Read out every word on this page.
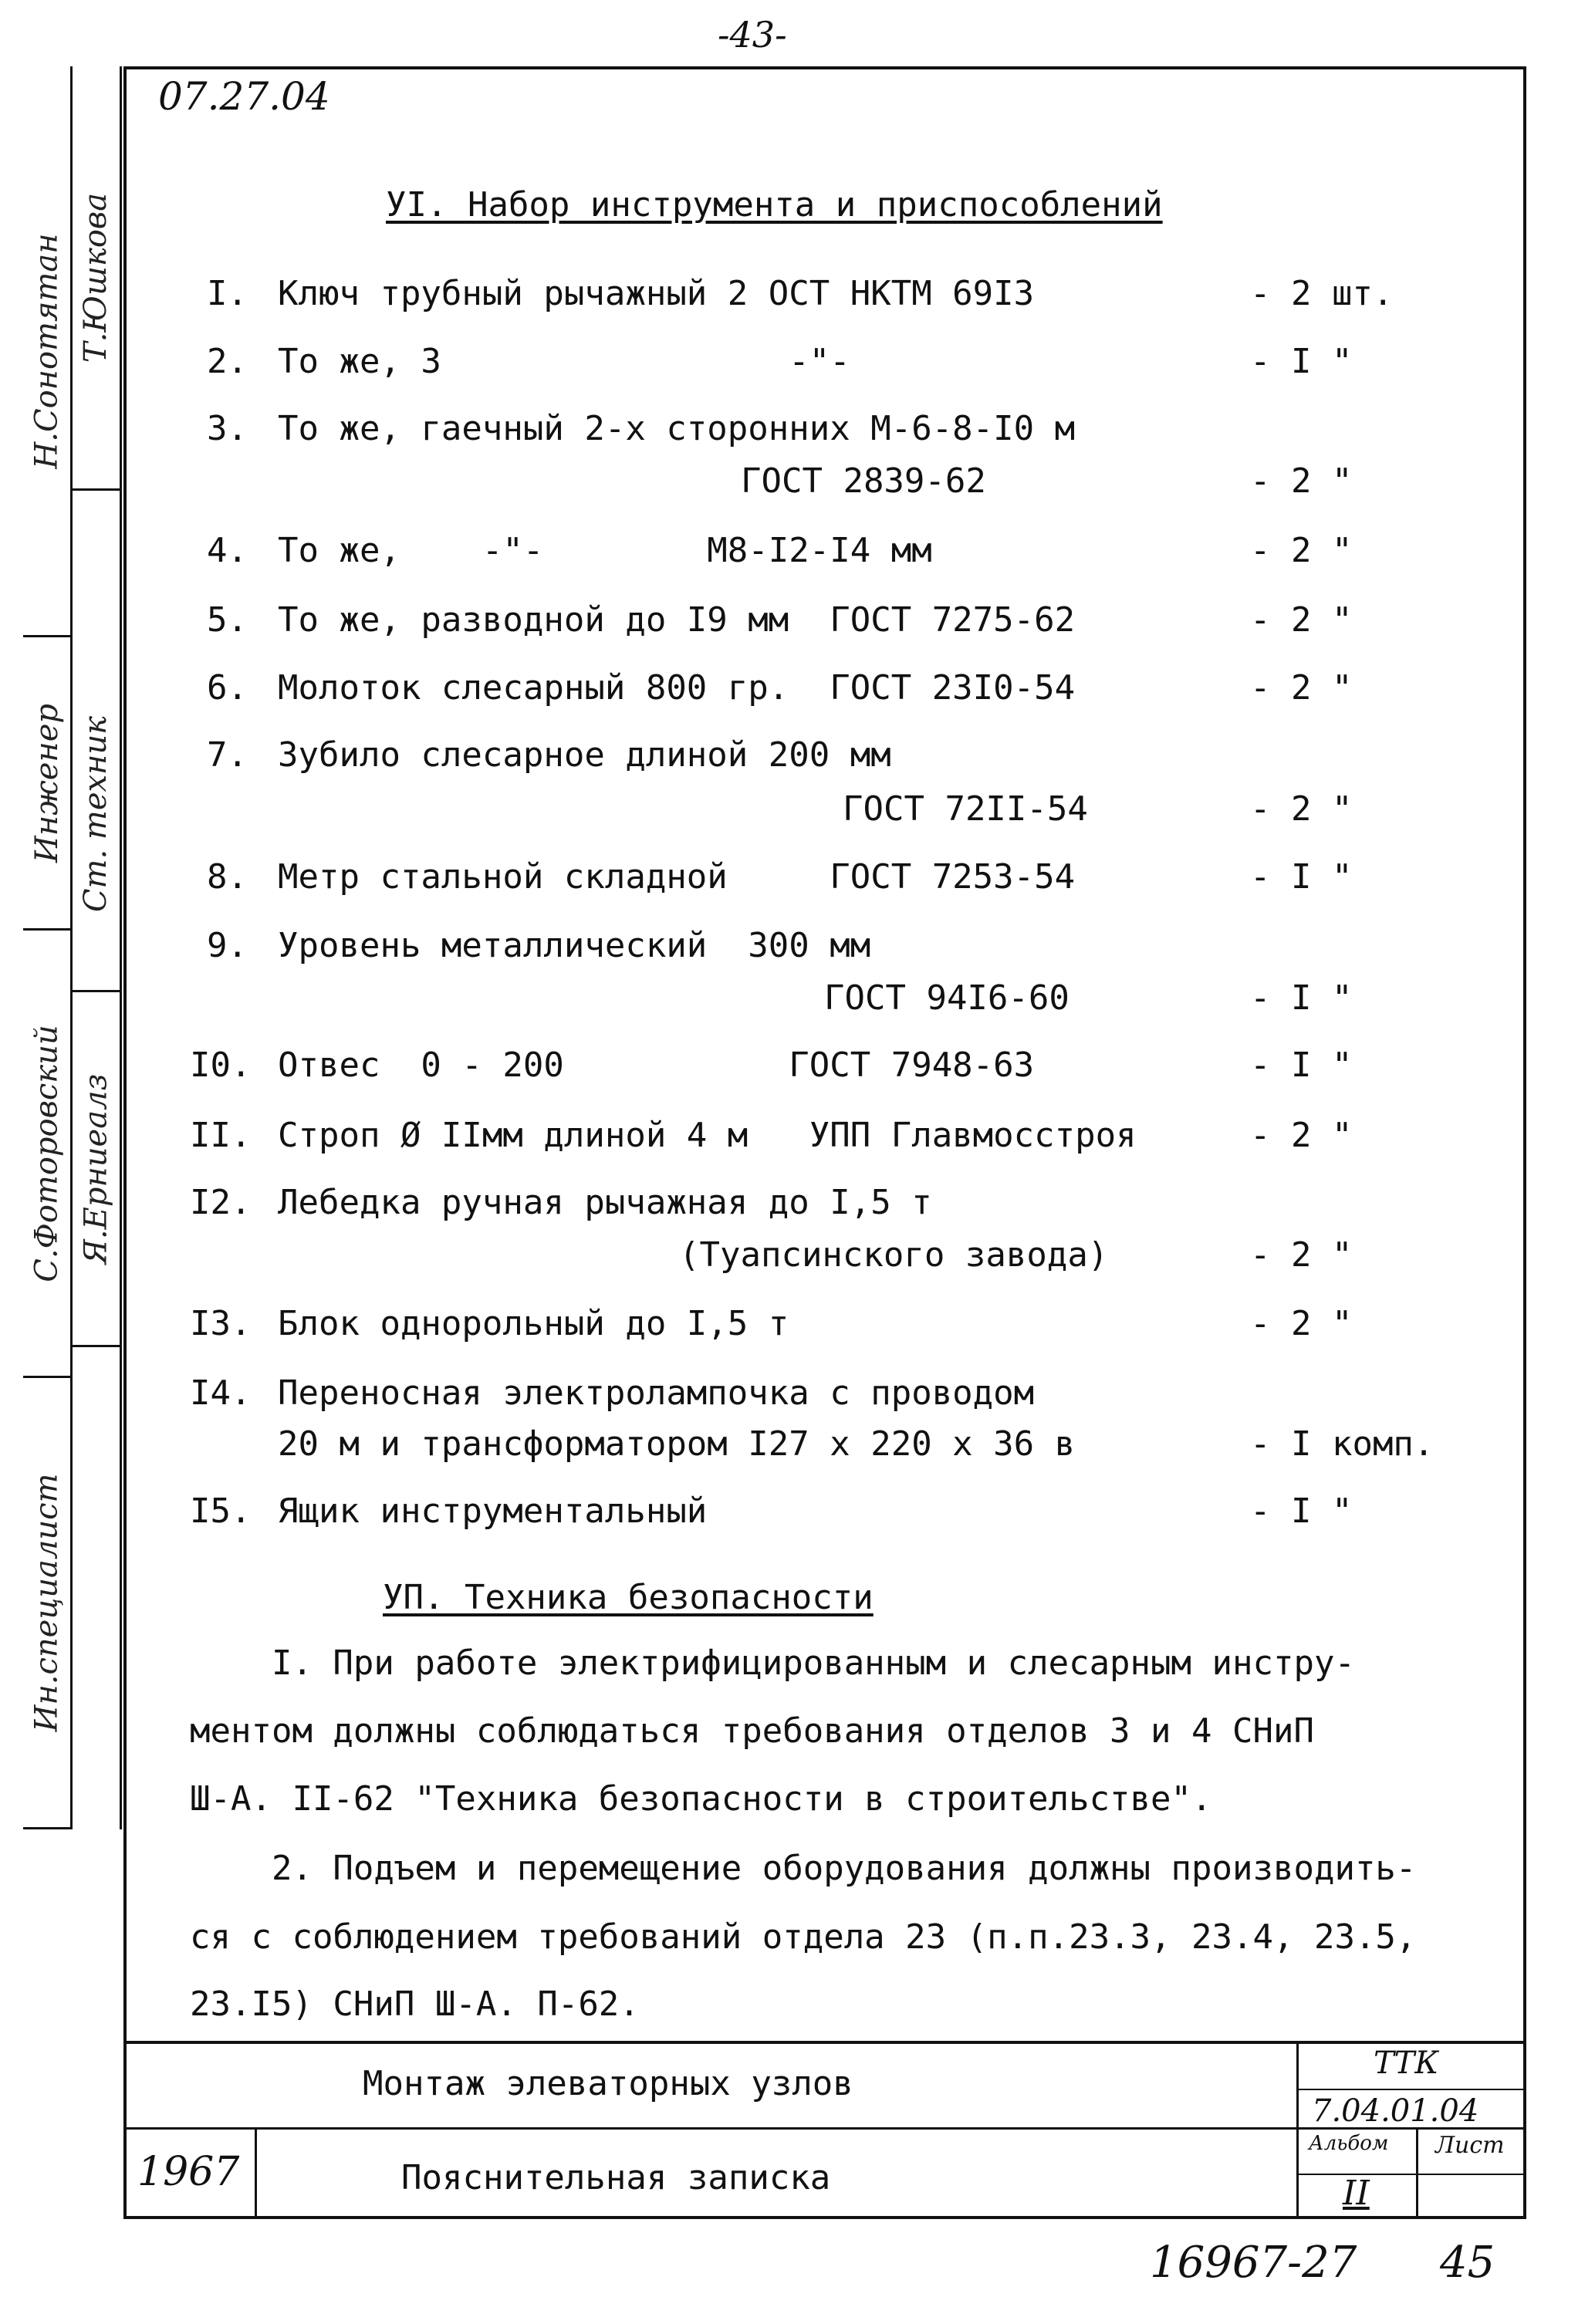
-43-
Ин.специалист
С.Фоторовский
Инженер
Н.Сонотятан Т.Юшкова
Ст. техник
Я.Ерниеалз
07.27.04
УI. Набор инструмента и приспособлений
I. Ключ трубный рычажный 2 ОСТ НКТМ 69I3	- 2 шт.
2. То же, 3                 -"-	- I "
3. То же, гаечный 2-х сторонних М-6-8-I0 м
ГОСТ 2839-62	- 2 "
4. То же,    -"-        М8-I2-I4 мм	- 2 "
5. То же, разводной до I9 мм  ГОСТ 7275-62	- 2 "
6. Молоток слесарный 800 гр.  ГОСТ 23I0-54	- 2 "
7. Зубило слесарное длиной 200 мм
ГОСТ 72II-54	- 2 "
8. Метр стальной складной     ГОСТ 7253-54	- I "
9. Уровень металлический  300 мм
ГОСТ 94I6-60	- I "
I0. Отвес  0 - 200           ГОСТ 7948-63	- I "
II. Строп Ø IIмм длиной 4 м   УПП Главмосстроя	- 2 "
I2. Лебедка ручная рычажная до I,5 т
(Туапсинского завода)	- 2 "
I3. Блок однорольный до I,5 т	- 2 "
I4. Переносная электролампочка с проводом
20 м и трансформатором I27 х 220 х 36 в	- I комп.
I5. Ящик инструментальный	- I "
УП. Техника безопасности
I. При работе электрифицированным и слесарным инстру-
ментом должны соблюдаться требования отделов 3 и 4 СНиП
Ш-А. II-62 "Техника безопасности в строительстве".
2. Подъем и перемещение оборудования должны производить-
ся с соблюдением требований отдела 23 (п.п.23.3, 23.4, 23.5,
23.I5) СНиП Ш-А. П-62.
Монтаж элеваторных узлов
1967	Пояснительная записка
ТТК
7.04.01.04
Альбом
II
Лист
16967-27 45
